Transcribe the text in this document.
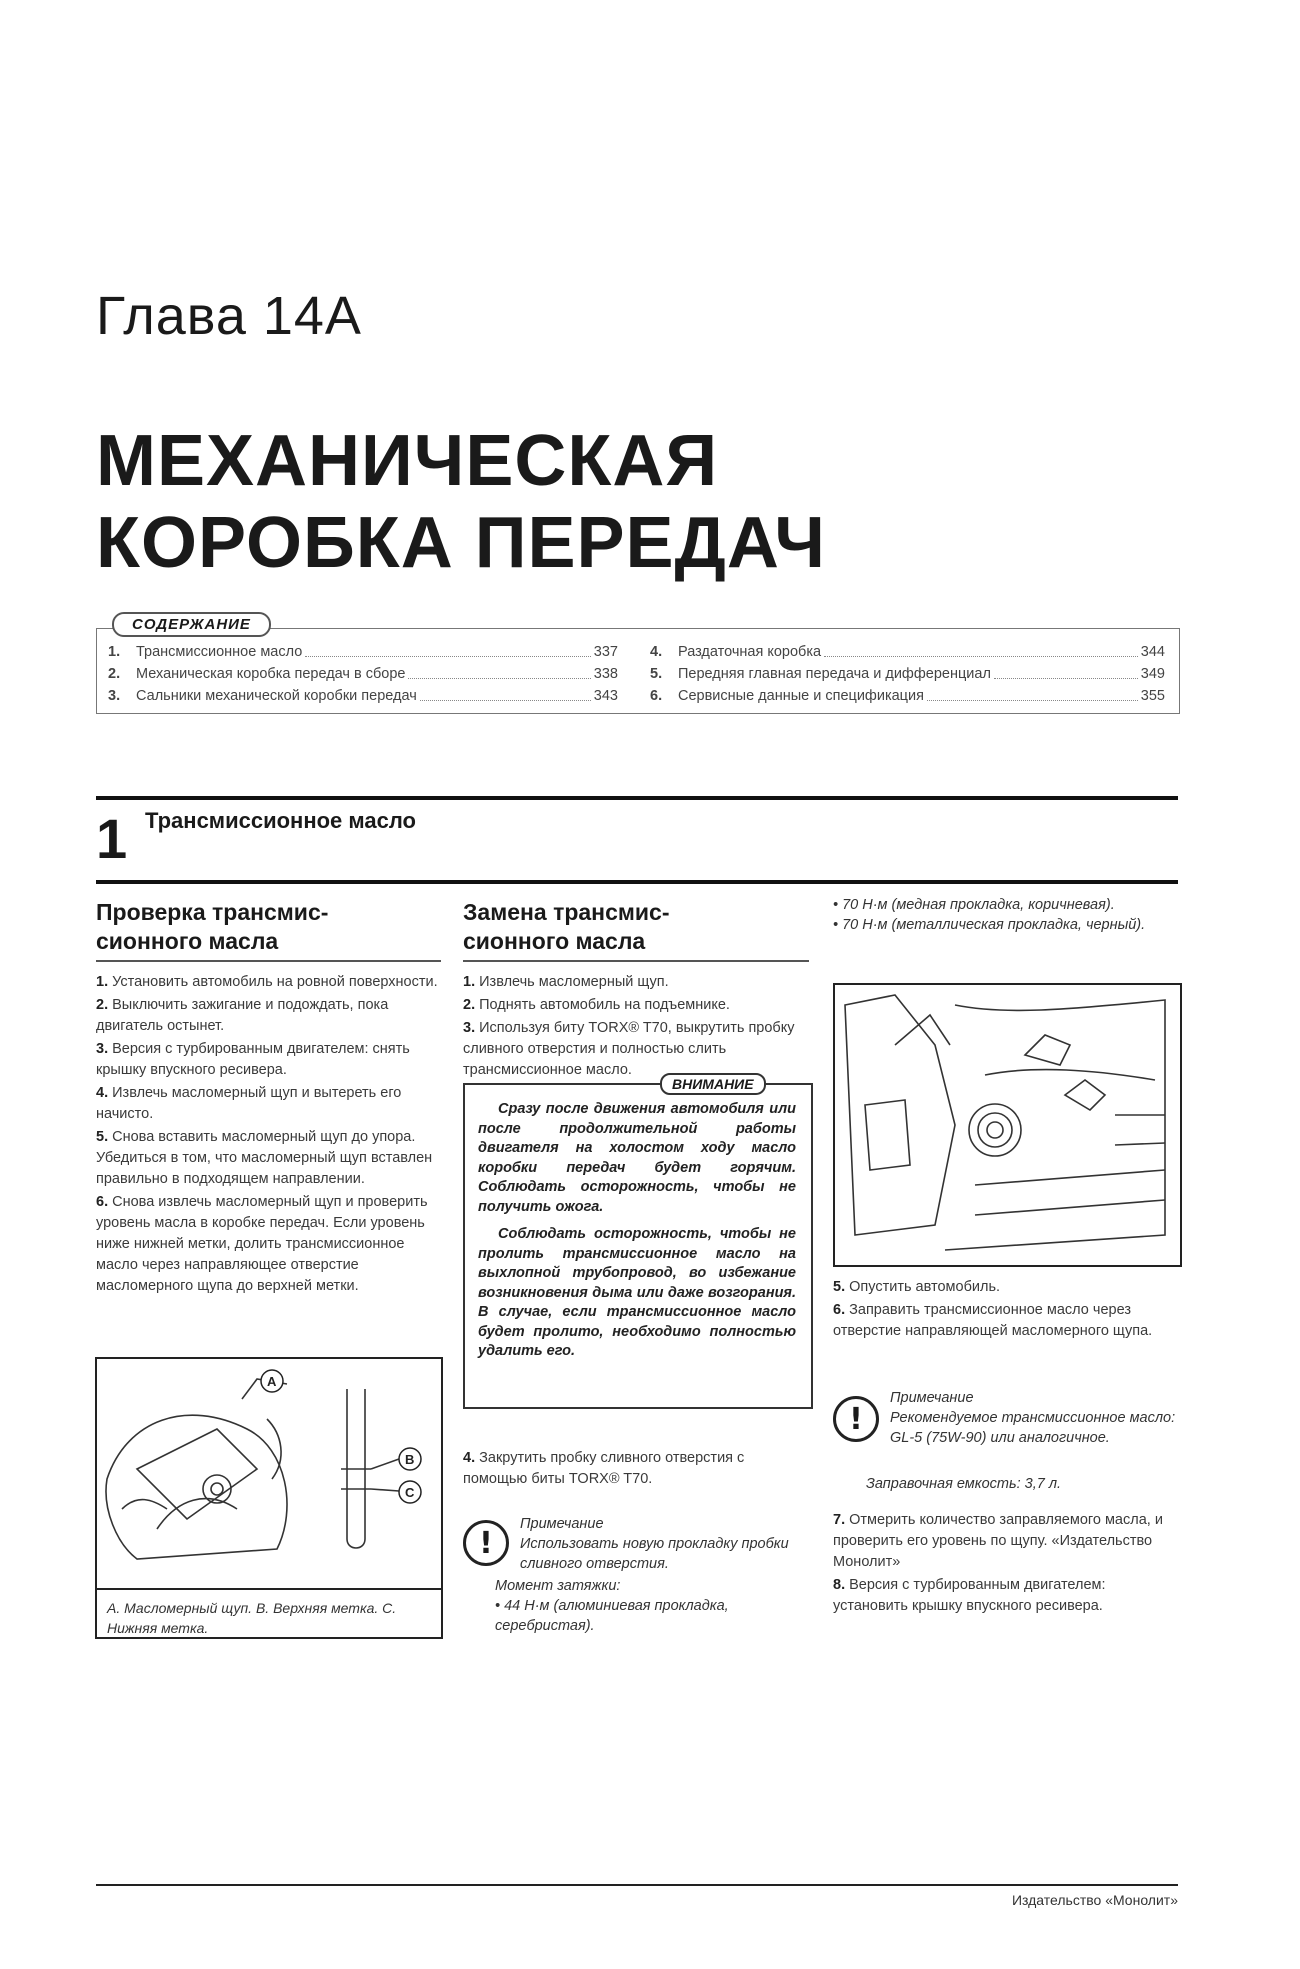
Глава 14А
МЕХАНИЧЕСКАЯ
КОРОБКА ПЕРЕДАЧ
СОДЕРЖАНИЕ
1.	Трансмиссионное масло	337
2.	Механическая коробка передач в сборе	338
3.	Сальники механической коробки передач	343
4.	Раздаточная коробка	344
5.	Передняя главная передача и дифференциал	349
6.	Сервисные данные и спецификация	355
1 Трансмиссионное масло
Проверка трансмис-
сионного масла

1. Установить автомобиль на ровной поверхности.

2. Выключить зажигание и подождать, пока двигатель остынет.

3. Версия с турбированным двигателем: снять крышку впускного ресивера.

4. Извлечь масломерный щуп и вытереть его начисто.

5. Снова вставить масломерный щуп до упора. Убедиться в том, что масломерный щуп вставлен правильно в подходящем направлении.

6. Снова извлечь масломерный щуп и проверить уровень масла в коробке передач. Если уровень ниже нижней метки, долить трансмиссионное масло через направляющее отверстие масломерного щупа до верхней метки.

A
B
C
A. Масломерный щуп. B. Верхняя метка. C. Нижняя метка.
Замена трансмис-
сионного масла

1. Извлечь масломерный щуп.

2. Поднять автомобиль на подъемнике.

3. Используя биту TORX® T70, выкрутить пробку сливного отверстия и полностью слить трансмиссионное масло.

ВНИМАНИЕ

Сразу после движения автомобиля или после продолжительной работы двигателя на холостом ходу масло коробки передач будет горячим. Соблюдать осторожность, чтобы не получить ожога.

Соблюдать осторожность, чтобы не пролить трансмиссионное масло на выхлопной трубопровод, во избежание возникновения дыма или даже возгорания. В случае, если трансмиссионное масло будет пролито, необходимо полностью удалить его.

4. Закрутить пробку сливного отверстия с помощью биты TORX® T70.

!
Примечание
Использовать новую прокладку пробки сливного отверстия.
Момент затяжки:
• 44 Н·м (алюминиевая прокладка, серебристая).
• 70 Н·м (медная прокладка, коричневая).
• 70 Н·м (металлическая прокладка, черный).

5. Опустить автомобиль.

6. Заправить трансмиссионное масло через отверстие направляющей масломерного щупа.

!
Примечание
Рекомендуемое трансмиссионное масло: GL-5 (75W-90) или аналогичное.
Заправочная емкость: 3,7 л.

7. Отмерить количество заправляемого масла, и проверить его уровень по щупу. «Издательство Монолит»

8. Версия с турбированным двигателем: установить крышку впускного ресивера.

Издательство «Монолит»
